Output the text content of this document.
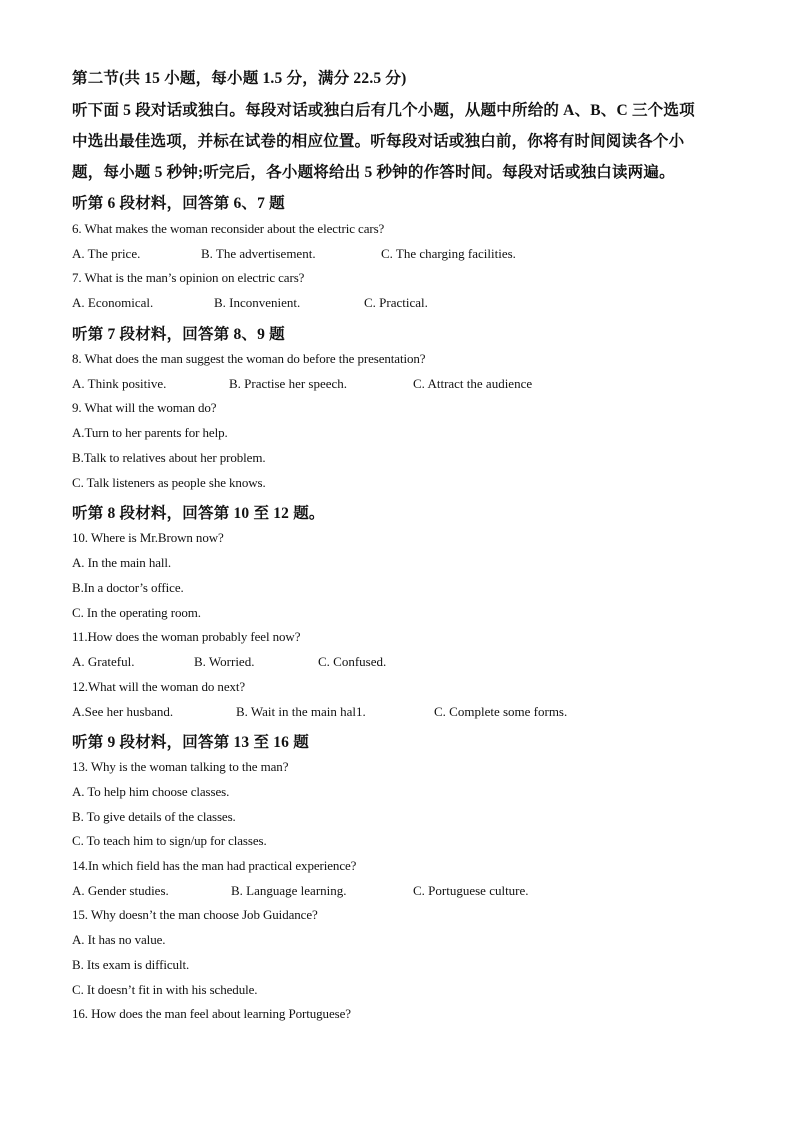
第二节(共 15 小题，每小题 1.5 分，满分 22.5 分)
听下面 5 段对话或独白。每段对话或独白后有几个小题，从题中所给的 A、B、C 三个选项
中选出最佳选项，并标在试卷的相应位置。听每段对话或独白前，你将有时间阅读各个小
题，每小题 5 秒钟;听完后，各小题将给出 5 秒钟的作答时间。每段对话或独白读两遍。
听第 6 段材料，回答第 6、7 题
6. What makes the woman reconsider about the electric cars?
A. The price.	B. The advertisement.	C. The charging facilities.
7. What is the man’s opinion on electric cars?
A. Economical.	B. Inconvenient.	C. Practical.
听第 7 段材料，回答第 8、9 题
8. What does the man suggest the woman do before the presentation?
A. Think positive.	B. Practise her speech.	C. Attract the audience
9. What will the woman do?
A.Turn to her parents for help.
B.Talk to relatives about her problem.
C. Talk listeners as people she knows.
听第 8 段材料，回答第 10 至 12 题。
10. Where is Mr.Brown now?
A. In the main hall.
B.In a doctor’s office.
C. In the operating room.
11.How does the woman probably feel now?
A. Grateful.	B. Worried.	C. Confused.
12.What will the woman do next?
A.See her husband.	B. Wait in the main hal1.	C. Complete some forms.
听第 9 段材料，回答第 13 至 16 题
13. Why is the woman talking to the man?
A. To help him choose classes.
B. To give details of the classes.
C. To teach him to sign/up for classes.
14.In which field has the man had practical experience?
A. Gender studies.	B. Language learning.	C. Portuguese culture.
15. Why doesn’t the man choose Job Guidance?
A. It has no value.
B. Its exam is difficult.
C. It doesn’t fit in with his schedule.
16. How does the man feel about learning Portuguese?
